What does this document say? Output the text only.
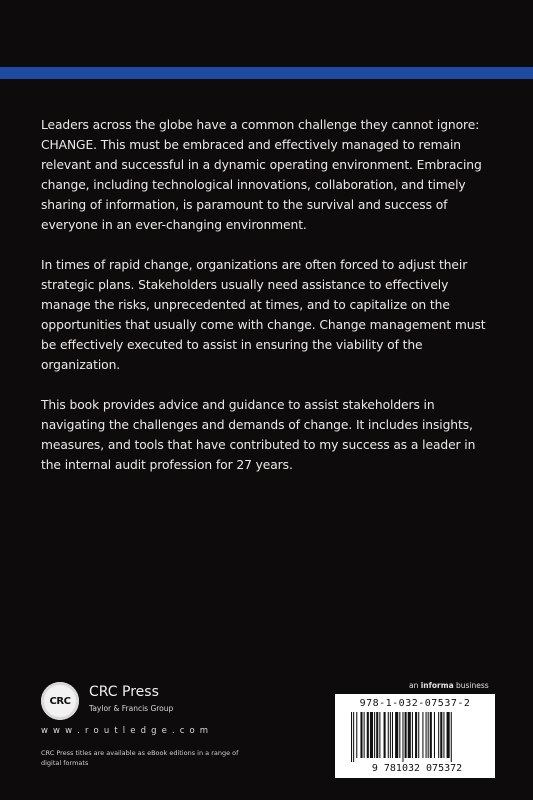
Leaders across the globe have a common challenge they cannot ignore: CHANGE. This must be embraced and effectively managed to remain relevant and successful in a dynamic operating environment. Embracing change, including technological innovations, collaboration, and timely sharing of information, is paramount to the survival and success of everyone in an ever-changing environment.

In times of rapid change, organizations are often forced to adjust their strategic plans. Stakeholders usually need assistance to effectively manage the risks, unprecedented at times, and to capitalize on the opportunities that usually come with change. Change management must be effectively executed to assist in ensuring the viability of the organization.

This book provides advice and guidance to assist stakeholders in navigating the challenges and demands of change. It includes insights, measures, and tools that have contributed to my success as a leader in the internal audit profession for 27 years.

CRC
CRC Press
Taylor & Francis Group
w w w . r o u t l e d g e . c o m
CRC Press titles are available as eBook editions in a range of digital formats
an informa business
978-1-032-07537-2
9 781032 075372
